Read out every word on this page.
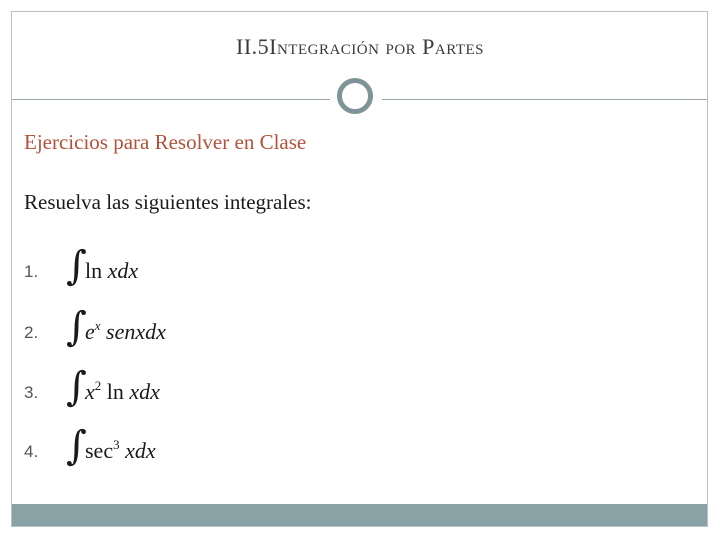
II.5Integración por Partes
Ejercicios para Resolver en Clase
Resuelva las siguientes integrales:
1. ∫
ln xdx
2. ∫
$e^x$ senxdx
3. ∫
$x^2$ ln xdx
4. ∫
$\sec^3$ xdx
